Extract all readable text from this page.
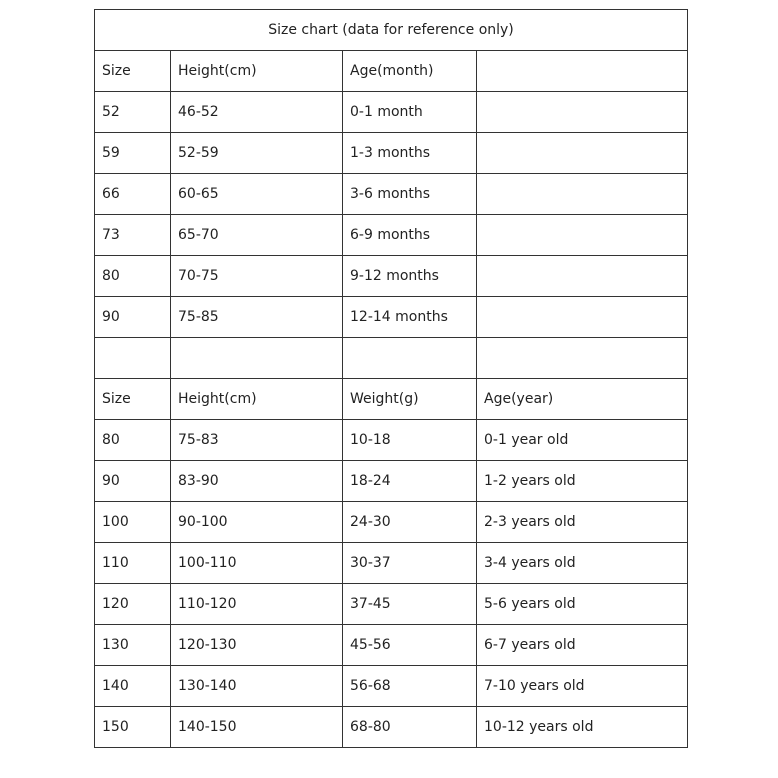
Size chart (data for reference only)			
Size	Height(cm)	Age(month)	
52	46-52	0-1 month	
59	52-59	1-3 months	
66	60-65	3-6 months	
73	65-70	6-9 months	
80	70-75	9-12 months	
90	75-85	12-14 months	

Size	Height(cm)	Weight(g)	Age(year)
80	75-83	10-18	0-1 year old
90	83-90	18-24	1-2 years old
100	90-100	24-30	2-3 years old
110	100-110	30-37	3-4 years old
120	110-120	37-45	5-6 years old
130	120-130	45-56	6-7 years old
140	130-140	56-68	7-10 years old
150	140-150	68-80	10-12 years old
